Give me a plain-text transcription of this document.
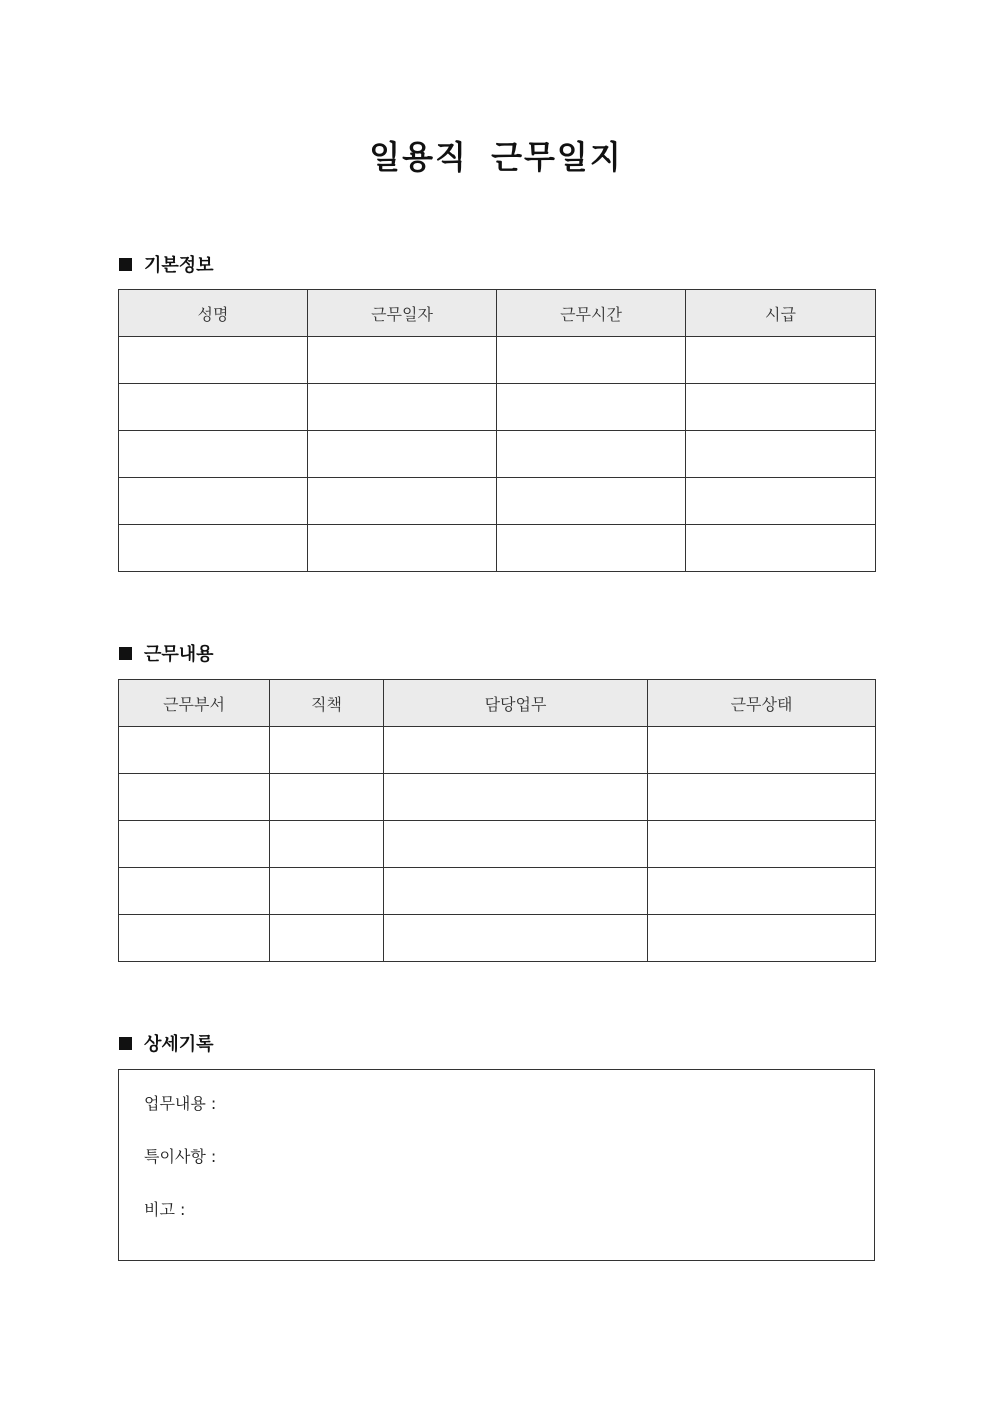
일용직 근무일지
기본정보
성명	근무일자	근무시간	시급

근무내용
근무부서	직책	담당업무	근무상태

상세기록
업무내용 :
특이사항 :
비고 :
